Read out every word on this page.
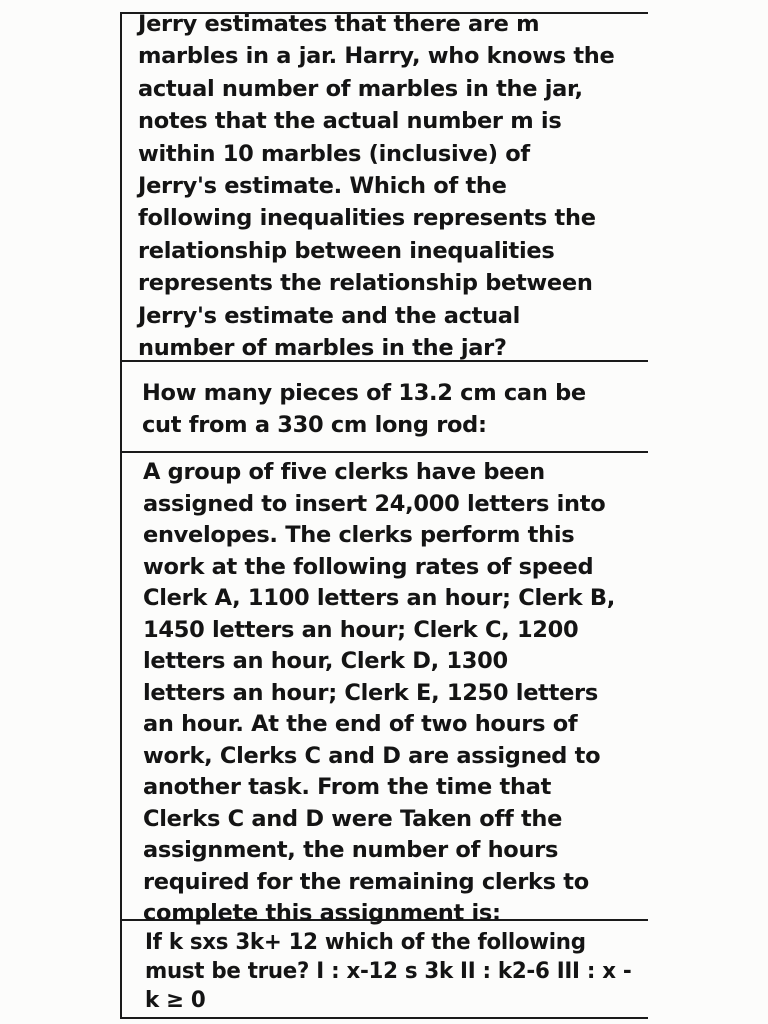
Jerry estimates that there are m
marbles in a jar. Harry, who knows the
actual number of marbles in the jar,
notes that the actual number m is
within 10 marbles (inclusive) of
Jerry's estimate. Which of the
following inequalities represents the
relationship between inequalities
represents the relationship between
Jerry's estimate and the actual
number of marbles in the jar?
How many pieces of 13.2 cm can be
cut from a 330 cm long rod:
A group of five clerks have been
assigned to insert 24,000 letters into
envelopes. The clerks perform this
work at the following rates of speed
Clerk A, 1100 letters an hour; Clerk B,
1450 letters an hour; Clerk C, 1200
letters an hour, Clerk D, 1300
letters an hour; Clerk E, 1250 letters
an hour. At the end of two hours of
work, Clerks C and D are assigned to
another task. From the time that
Clerks C and D were Taken off the
assignment, the number of hours
required for the remaining clerks to
complete this assignment is:
If k sxs 3k+ 12 which of the following
must be true? I : x-12 s 3k II : k2-6 III : x -
k ≥ 0
